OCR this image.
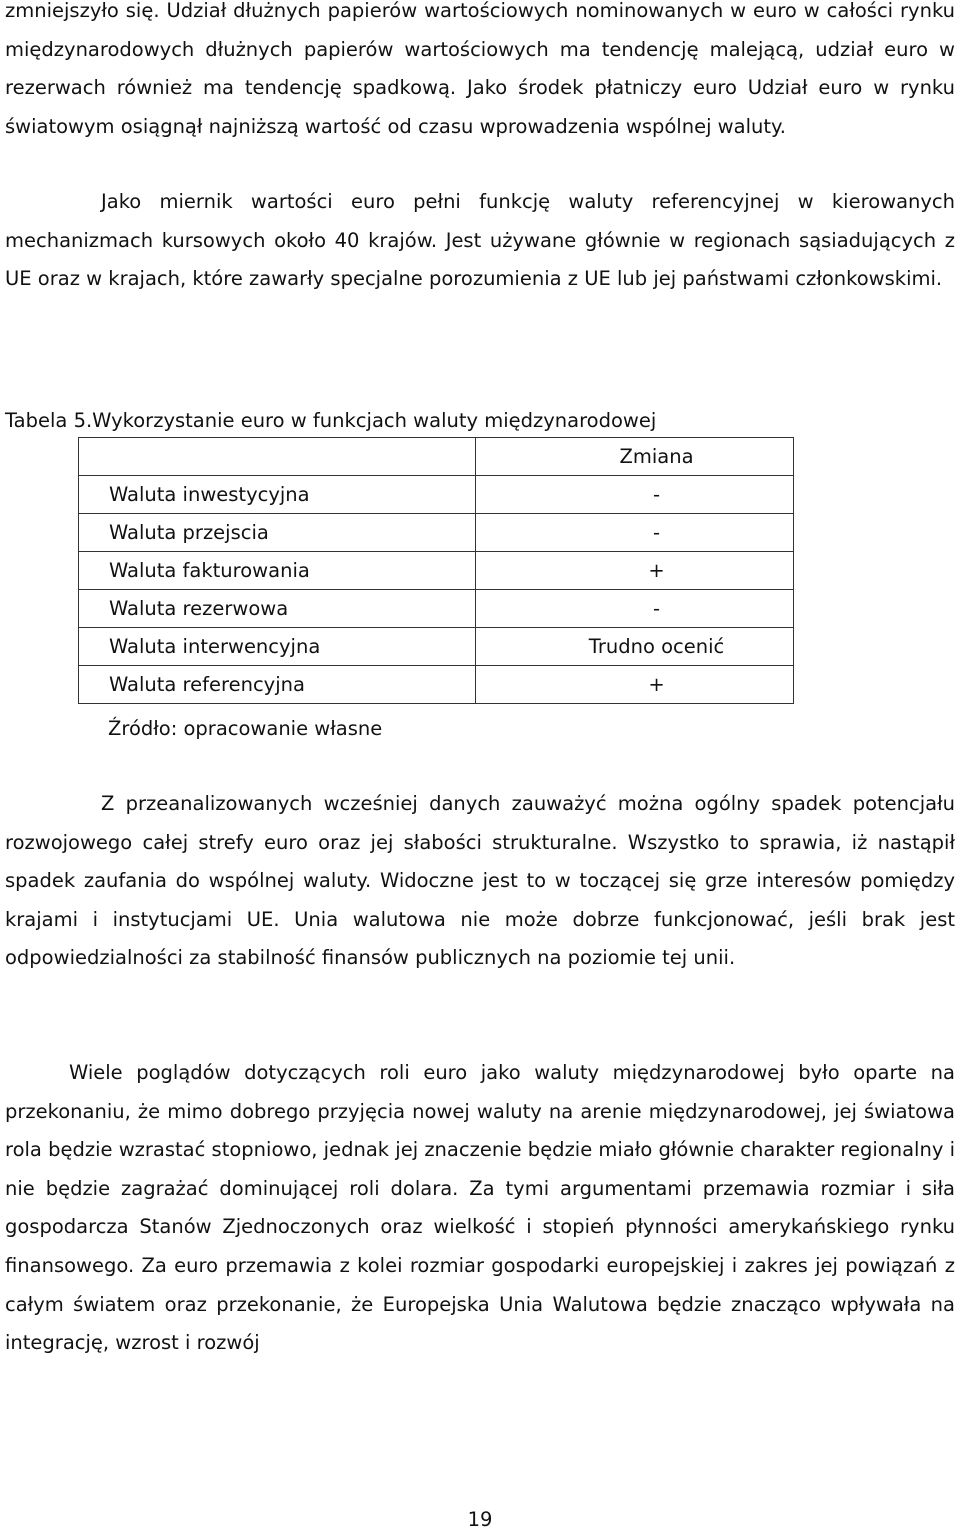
zmniejszyło się. Udział dłużnych papierów wartościowych nominowanych w euro w całości rynku międzynarodowych dłużnych papierów wartościowych ma tendencję malejącą, udział euro w rezerwach również ma tendencję spadkową. Jako środek płatniczy euro Udział euro w rynku światowym osiągnął najniższą wartość od czasu wprowadzenia wspólnej waluty.

Jako miernik wartości euro pełni funkcję waluty referencyjnej w kierowanych mechanizmach kursowych około 40 krajów. Jest używane głównie w regionach sąsiadujących z UE oraz w krajach, które zawarły specjalne porozumienia z UE lub jej państwami członkowskimi.

Tabela 5.Wykorzystanie euro w funkcjach waluty międzynarodowej

	Zmiana
Waluta inwestycyjna	-
Waluta przejscia	-
Waluta fakturowania	+
Waluta rezerwowa	-
Waluta interwencyjna	Trudno ocenić
Waluta referencyjna	+

Źródło: opracowanie własne

Z przeanalizowanych wcześniej danych zauważyć można ogólny spadek potencjału rozwojowego całej strefy euro oraz jej słabości strukturalne. Wszystko to sprawia, iż nastąpił spadek zaufania do wspólnej waluty. Widoczne jest to w toczącej się grze interesów pomiędzy krajami i instytucjami UE. Unia walutowa nie może dobrze funkcjonować, jeśli brak jest odpowiedzialności za stabilność finansów publicznych na poziomie tej unii.

Wiele poglądów dotyczących roli euro jako waluty międzynarodowej było oparte na przekonaniu, że mimo dobrego przyjęcia nowej waluty na arenie międzynarodowej, jej światowa rola będzie wzrastać stopniowo, jednak jej znaczenie będzie miało głównie charakter regionalny i nie będzie zagrażać dominującej roli dolara. Za tymi argumentami przemawia rozmiar i siła gospodarcza Stanów Zjednoczonych oraz wielkość i stopień płynności amerykańskiego rynku finansowego. Za euro przemawia z kolei rozmiar gospodarki europejskiej i zakres jej powiązań z całym światem oraz przekonanie, że Europejska Unia Walutowa będzie znacząco wpływała na integrację, wzrost i rozwój

19
